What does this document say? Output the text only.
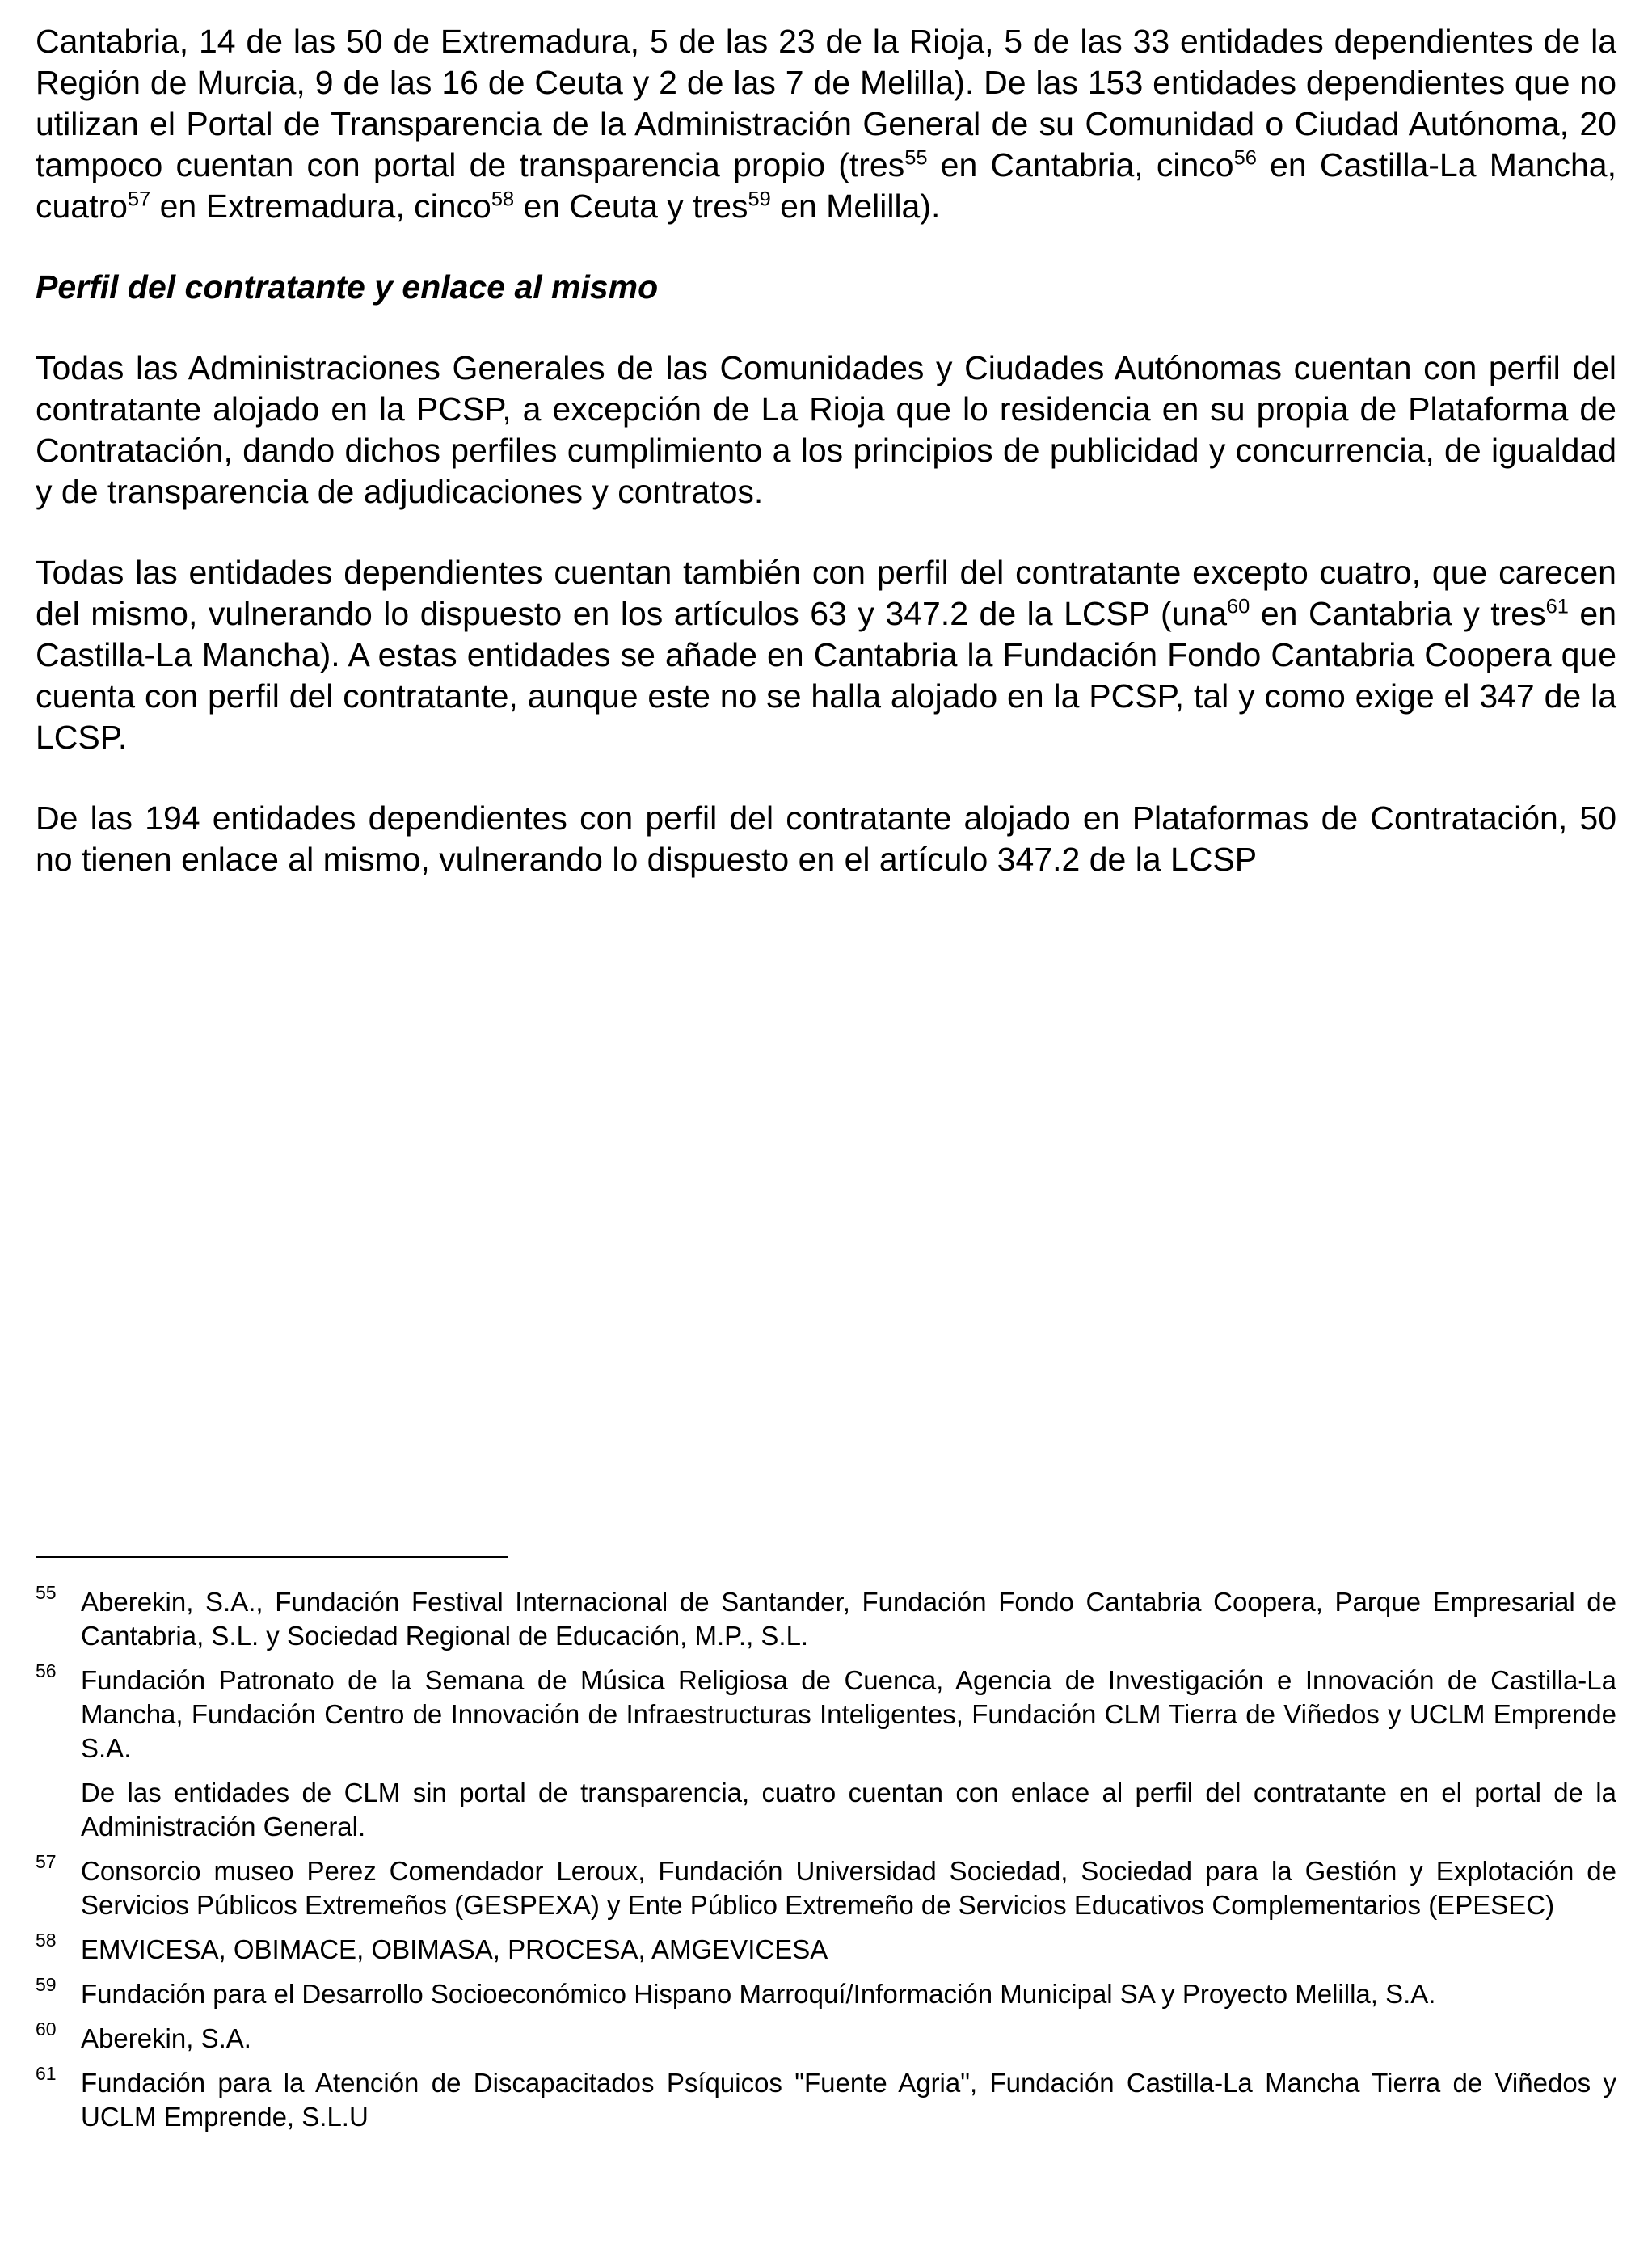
Cantabria, 14 de las 50 de Extremadura, 5 de las 23 de la Rioja, 5 de las 33 entidades dependientes de la Región de Murcia, 9 de las 16 de Ceuta y 2 de las 7 de Melilla). De las 153 entidades dependientes que no utilizan el Portal de Transparencia de la Administración General de su Comunidad o Ciudad Autónoma, 20 tampoco cuentan con portal de transparencia propio (tres$^{55}$ en Cantabria, cinco$^{56}$ en Castilla-La Mancha, cuatro$^{57}$ en Extremadura, cinco$^{58}$ en Ceuta y tres$^{59}$ en Melilla).

Perfil del contratante y enlace al mismo

Todas las Administraciones Generales de las Comunidades y Ciudades Autónomas cuentan con perfil del contratante alojado en la PCSP, a excepción de La Rioja que lo residencia en su propia de Plataforma de Contratación, dando dichos perfiles cumplimiento a los principios de publicidad y concurrencia, de igualdad y de transparencia de adjudicaciones y contratos.

Todas las entidades dependientes cuentan también con perfil del contratante excepto cuatro, que carecen del mismo, vulnerando lo dispuesto en los artículos 63 y 347.2 de la LCSP (una$^{60}$ en Cantabria y tres$^{61}$ en Castilla-La Mancha). A estas entidades se añade en Cantabria la Fundación Fondo Cantabria Coopera que cuenta con perfil del contratante, aunque este no se halla alojado en la PCSP, tal y como exige el 347 de la LCSP.

De las 194 entidades dependientes con perfil del contratante alojado en Plataformas de Contratación, 50 no tienen enlace al mismo, vulnerando lo dispuesto en el artículo 347.2 de la LCSP

55 Aberekin, S.A., Fundación Festival Internacional de Santander, Fundación Fondo Cantabria Coopera, Parque Empresarial de Cantabria, S.L. y Sociedad Regional de Educación, M.P., S.L.
56 Fundación Patronato de la Semana de Música Religiosa de Cuenca, Agencia de Investigación e Innovación de Castilla-La Mancha, Fundación Centro de Innovación de Infraestructuras Inteligentes, Fundación CLM Tierra de Viñedos y UCLM Emprende S.A.
De las entidades de CLM sin portal de transparencia, cuatro cuentan con enlace al perfil del contratante en el portal de la Administración General.
57 Consorcio museo Perez Comendador Leroux, Fundación Universidad Sociedad, Sociedad para la Gestión y Explotación de Servicios Públicos Extremeños (GESPEXA) y Ente Público Extremeño de Servicios Educativos Complementarios (EPESEC)
58 EMVICESA, OBIMACE, OBIMASA, PROCESA, AMGEVICESA
59 Fundación para el Desarrollo Socioeconómico Hispano Marroquí/Información Municipal SA y Proyecto Melilla, S.A.
60 Aberekin, S.A.
61 Fundación para la Atención de Discapacitados Psíquicos "Fuente Agria", Fundación Castilla-La Mancha Tierra de Viñedos y UCLM Emprende, S.L.U
